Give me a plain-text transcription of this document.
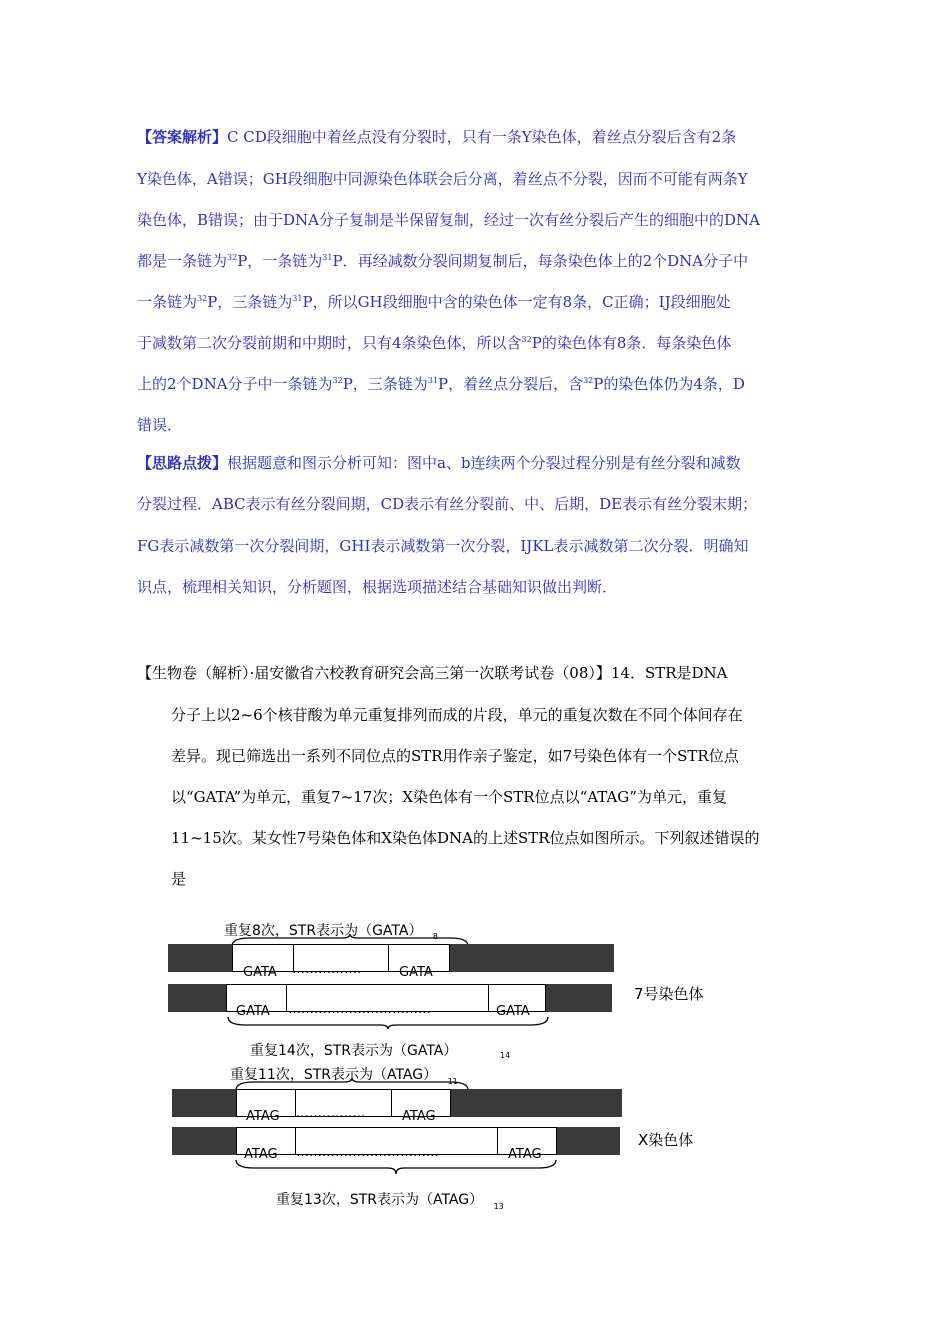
【答案解析】C CD段细胞中着丝点没有分裂时，只有一条Y染色体，着丝点分裂后含有2条
Y染色体，A错误；GH段细胞中同源染色体联会后分离，着丝点不分裂，因而不可能有两条Y
染色体，B错误；由于DNA分子复制是半保留复制，经过一次有丝分裂后产生的细胞中的DNA
都是一条链为$^{32}$P，一条链为$^{31}$P．再经减数分裂间期复制后，每条染色体上的2个DNA分子中
一条链为$^{32}$P，三条链为$^{31}$P，所以GH段细胞中含的染色体一定有8条，C正确；IJ段细胞处
于减数第二次分裂前期和中期时，只有4条染色体，所以含$^{32}$P的染色体有8条．每条染色体
上的2个DNA分子中一条链为$^{32}$P，三条链为$^{31}$P，着丝点分裂后，含$^{32}$P的染色体仍为4条，D
错误．
【思路点拨】根据题意和图示分析可知：图中a、b连续两个分裂过程分别是有丝分裂和减数
分裂过程．ABC表示有丝分裂间期，CD表示有丝分裂前、中、后期，DE表示有丝分裂末期；
FG表示减数第一次分裂间期，GHI表示减数第一次分裂，IJKL表示减数第二次分裂．明确知
识点，梳理相关知识，分析题图，根据选项描述结合基础知识做出判断．
【生物卷（解析）·届安徽省六校教育研究会高三第一次联考试卷（08）】14．STR是DNA
分子上以2~6个核苷酸为单元重复排列而成的片段，单元的重复次数在不同个体间存在
差异。现已筛选出一系列不同位点的STR用作亲子鉴定，如7号染色体有一个STR位点
以“GATA”为单元，重复7~17次；X染色体有一个STR位点以“ATAG”为单元，重复
11~15次。某女性7号染色体和X染色体DNA的上述STR位点如图所示。下列叙述错误的
是
重复8次，STR表示为（GATA） $_8$
GATA …………….	GATA
GATA ……………………………	GATA
7号染色体
重复14次，STR表示为（GATA）	14
重复11次，STR表示为（ATAG） $_{11}$
ATAG …………….	ATAG
ATAG ……………………………	ATAG
X染色体
重复13次，STR表示为（ATAG） $_{13}$
